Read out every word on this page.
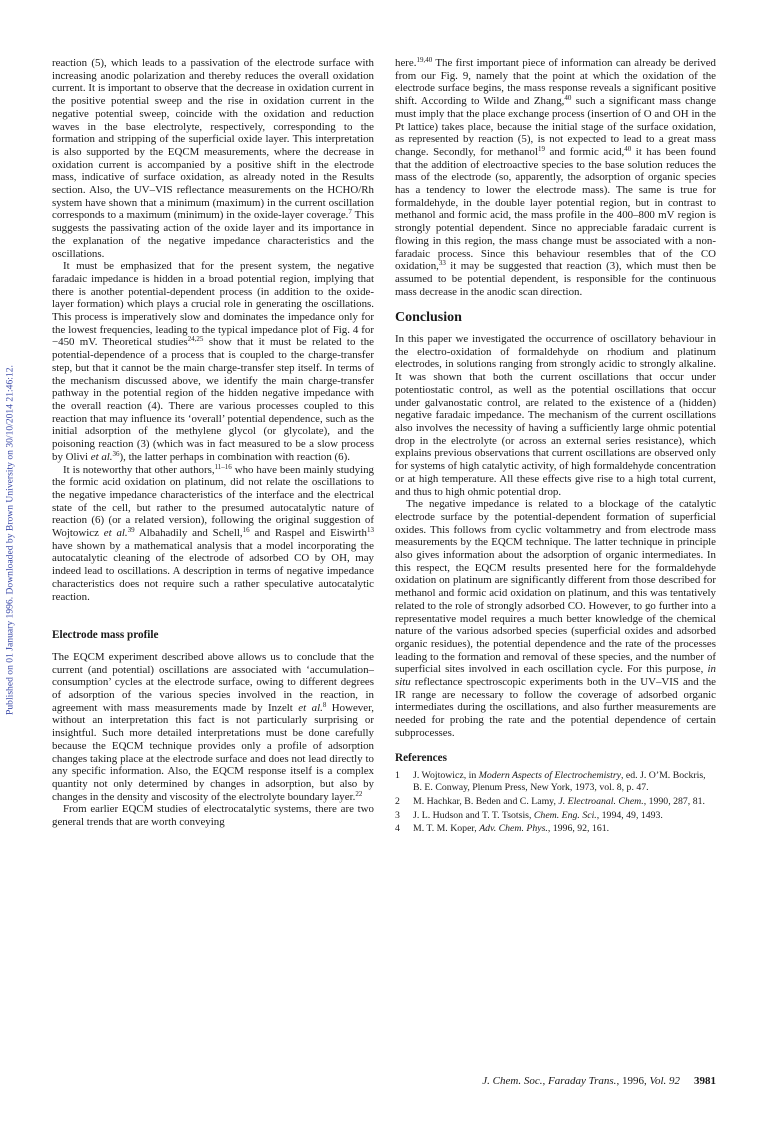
Published on 01 January 1996. Downloaded by Brown University on 30/10/2014 21:46:12.

reaction (5), which leads to a passivation of the electrode surface with increasing anodic polarization and thereby reduces the overall oxidation current. It is important to observe that the decrease in oxidation current in the positive potential sweep and the rise in oxidation current in the negative potential sweep, coincide with the oxidation and reduction waves in the base electrolyte, respectively, corresponding to the formation and stripping of the superficial oxide layer. This interpretation is also supported by the EQCM measurements, where the decrease in oxidation current is accompanied by a positive shift in the electrode mass, indicative of surface oxidation, as already noted in the Results section. Also, the UV–VIS reflectance measurements on the HCHO/Rh system have shown that a minimum (maximum) in the current oscillation corresponds to a maximum (minimum) in the oxide-layer coverage.$^7$ This suggests the passivating action of the oxide layer and its importance in the explanation of the negative impedance characteristics and the oscillations.

It must be emphasized that for the present system, the negative faradaic impedance is hidden in a broad potential region, implying that there is another potential-dependent process (in addition to the oxide-layer formation) which plays a crucial role in generating the oscillations. This process is imperatively slow and dominates the impedance only for the lowest frequencies, leading to the typical impedance plot of Fig. 4 for −450 mV. Theoretical studies$^{24,25}$ show that it must be related to the potential-dependence of a process that is coupled to the charge-transfer step, but that it cannot be the main charge-transfer step itself. In terms of the mechanism discussed above, we identify the main charge-transfer pathway in the potential region of the hidden negative impedance with the overall reaction (4). There are various processes coupled to this reaction that may influence its ‘overall’ potential dependence, such as the initial adsorption of the methylene glycol (or glycolate), and the poisoning reaction (3) (which was in fact measured to be a slow process by Olivi et al.$^{36}$), the latter perhaps in combination with reaction (6).

It is noteworthy that other authors,$^{11-16}$ who have been mainly studying the formic acid oxidation on platinum, did not relate the oscillations to the negative impedance characteristics of the interface and the electrical state of the cell, but rather to the presumed autocatalytic nature of reaction (6) (or a related version), following the original suggestion of Wojtowicz et al.$^{39}$ Albahadily and Schell,$^{16}$ and Raspel and Eiswirth$^{13}$ have shown by a mathematical analysis that a model incorporating the autocatalytic cleaning of the electrode of adsorbed CO by OH, may indeed lead to oscillations. A description in terms of negative impedance characteristics does not require such a rather speculative autocatalytic reaction.

Electrode mass profile

The EQCM experiment described above allows us to conclude that the current (and potential) oscillations are associated with ‘accumulation–consumption’ cycles at the electrode surface, owing to different degrees of adsorption of the various species involved in the reaction, in agreement with mass measurements made by Inzelt et al.$^8$ However, without an interpretation this fact is not particularly surprising or insightful. Such more detailed interpretations must be done carefully because the EQCM technique provides only a profile of adsorption changes taking place at the electrode surface and does not lead directly to any specific information. Also, the EQCM response itself is a complex quantity not only determined by changes in adsorption, but also by changes in the density and viscosity of the electrolyte boundary layer.$^{22}$

From earlier EQCM studies of electrocatalytic systems, there are two general trends that are worth conveying

here.$^{19,40}$ The first important piece of information can already be derived from our Fig. 9, namely that the point at which the oxidation of the electrode surface begins, the mass response reveals a significant positive shift. According to Wilde and Zhang,$^{40}$ such a significant mass change must imply that the place exchange process (insertion of O and OH in the Pt lattice) takes place, because the initial stage of the surface oxidation, as represented by reaction (5), is not expected to lead to a great mass change. Secondly, for methanol$^{19}$ and formic acid,$^{40}$ it has been found that the addition of electroactive species to the base solution reduces the mass of the electrode (so, apparently, the adsorption of organic species has a tendency to lower the electrode mass). The same is true for formaldehyde, in the double layer potential region, but in contrast to methanol and formic acid, the mass profile in the 400–800 mV region is strongly potential dependent. Since no appreciable faradaic current is flowing in this region, the mass change must be associated with a non-faradaic process. Since this behaviour resembles that of the CO oxidation,$^{33}$ it may be suggested that reaction (3), which must then be assumed to be potential dependent, is responsible for the continuous mass decrease in the anodic scan direction.

Conclusion

In this paper we investigated the occurrence of oscillatory behaviour in the electro-oxidation of formaldehyde on rhodium and platinum electrodes, in solutions ranging from strongly acidic to strongly alkaline. It was shown that both the current oscillations that occur under potentiostatic control, as well as the potential oscillations that occur under galvanostatic control, are related to the existence of a (hidden) negative faradaic impedance. The mechanism of the current oscillations also involves the necessity of having a sufficiently large ohmic potential drop in the electrolyte (or across an external series resistance), which explains previous observations that current oscillations are observed only for systems of high catalytic activity, of high formaldehyde concentration or at high temperature. All these effects give rise to a high total current, and thus to high ohmic potential drop.

The negative impedance is related to a blockage of the catalytic electrode surface by the potential-dependent formation of superficial oxides. This follows from cyclic voltammetry and from electrode mass measurements by the EQCM technique. The latter technique in principle also gives information about the adsorption of organic intermediates. In this respect, the EQCM results presented here for the formaldehyde oxidation on platinum are significantly different from those described for methanol and formic acid oxidation on platinum, and this was tentatively related to the role of strongly adsorbed CO. However, to go further into a representative model requires a much better knowledge of the chemical nature of the various adsorbed species (superficial oxides and adsorbed organic residues), the potential dependence and the rate of the processes leading to the formation and removal of these species, and the number of superficial sites involved in each oscillation cycle. For this purpose, in situ reflectance spectroscopic experiments both in the UV–VIS and the IR range are necessary to follow the coverage of adsorbed organic intermediates during the oscillations, and also further measurements are needed for probing the rate and the potential dependence of certain subprocesses.

References
1	J. Wojtowicz, in Modern Aspects of Electrochemistry, ed. J. O’M. Bockris, B. E. Conway, Plenum Press, New York, 1973, vol. 8, p. 47.
2	M. Hachkar, B. Beden and C. Lamy, J. Electroanal. Chem., 1990, 287, 81.
3	J. L. Hudson and T. T. Tsotsis, Chem. Eng. Sci., 1994, 49, 1493.
4	M. T. M. Koper, Adv. Chem. Phys., 1996, 92, 161.
J. Chem. Soc., Faraday Trans., 1996, Vol. 92 3981
